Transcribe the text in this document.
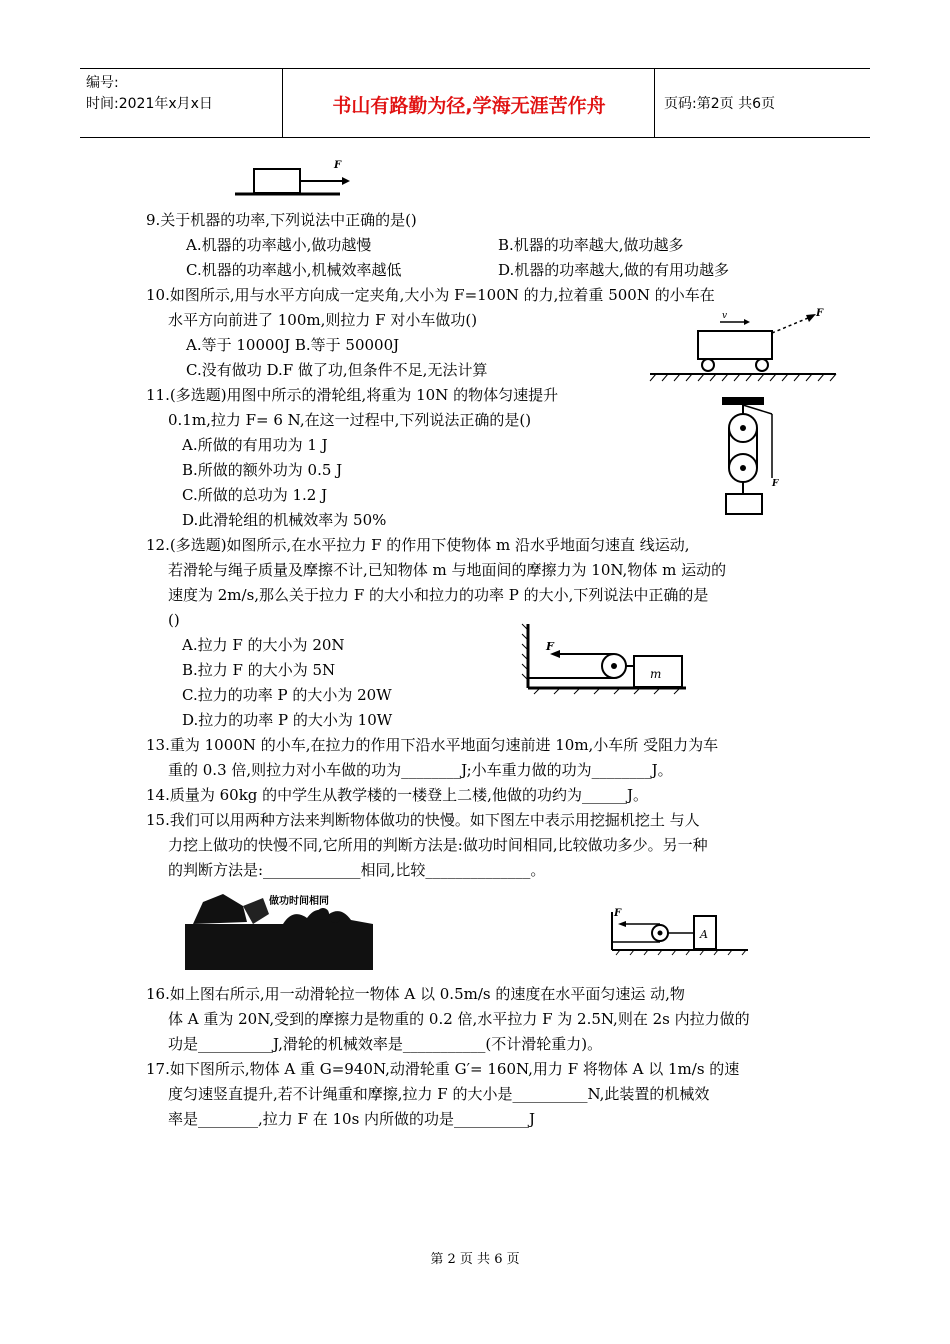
编号:
时间:2021年x月x日	书山有路勤为径,学海无涯苦作舟	页码:第2页 共6页
F
F
v
F
F
m
做功时间相同
F
A
9.关于机器的功率,下列说法中正确的是()
A.机器的功率越小,做功越慢	B.机器的功率越大,做功越多
C.机器的功率越小,机械效率越低	D.机器的功率越大,做的有用功越多
10.如图所示,用与水平方向成一定夹角,大小为 F=100N 的力,拉着重 500N 的小车在
水平方向前进了 100m,则拉力 F 对小车做功()
A.等于 10000J B.等于 50000J
C.没有做功 D.F 做了功,但条件不足,无法计算
11.(多选题)用图中所示的滑轮组,将重为 10N 的物体匀速提升
0.1m,拉力 F= 6 N,在这一过程中,下列说法正确的是()
A.所做的有用功为 1 J
B.所做的额外功为 0.5 J
C.所做的总功为 1.2 J
D.此滑轮组的机械效率为 50%
12.(多选题)如图所示,在水平拉力 F 的作用下使物体 m 沿水乎地面匀速直 线运动,
若滑轮与绳子质量及摩擦不计,已知物体 m 与地面间的摩擦力为 10N,物体 m 运动的
速度为 2m/s,那么关于拉力 F 的大小和拉力的功率 P 的大小,下列说法中正确的是
()
A.拉力 F 的大小为 20N
B.拉力 F 的大小为 5N
C.拉力的功率 P 的大小为 20W
D.拉力的功率 P 的大小为 10W
13.重为 1000N 的小车,在拉力的作用下沿水平地面匀速前进 10m,小车所 受阻力为车
重的 0.3 倍,则拉力对小车做的功为________J;小车重力做的功为________J。
14.质量为 60kg 的中学生从教学楼的一楼登上二楼,他做的功约为______J。
15.我们可以用两种方法来判断物体做功的快慢。如下图左中表示用挖掘机挖土 与人
力挖上做功的快慢不同,它所用的判断方法是:做功时间相同,比较做功多少。另一种
的判断方法是:_____________相同,比较______________。
16.如上图右所示,用一动滑轮拉一物体 A 以 0.5m/s 的速度在水平面匀速运 动,物
体 A 重为 20N,受到的摩擦力是物重的 0.2 倍,水平拉力 F 为 2.5N,则在 2s 内拉力做的
功是__________J,滑轮的机械效率是___________(不计滑轮重力)。
17.如下图所示,物体 A 重 G=940N,动滑轮重 G′= 160N,用力 F 将物体 A 以 1m/s 的速
度匀速竖直提升,若不计绳重和摩擦,拉力 F 的大小是__________N,此装置的机械效
率是________,拉力 F 在 10s 内所做的功是__________J
第 2 页 共 6 页
